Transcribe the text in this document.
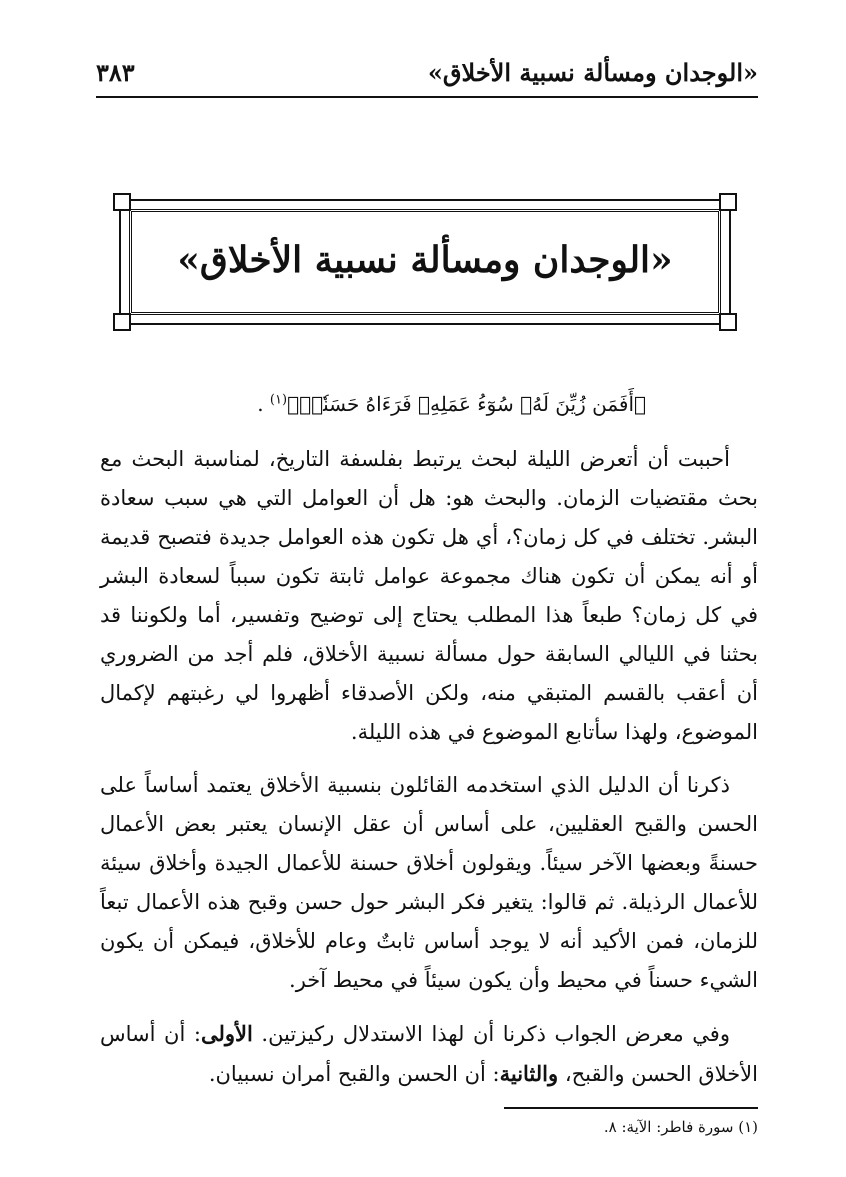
«الوجدان ومسألة نسبية الأخلاق»
٣٨٣
«الوجدان ومسألة نسبية الأخلاق»
﴿أَفَمَن زُيِّنَ لَهُۥ سُوٓءُ عَمَلِهِۦ فَرَءَاهُ حَسَنٗاۖ﴾$^{(١)}$ .

أحببت أن أتعرض الليلة لبحث يرتبط بفلسفة التاريخ، لمناسبة البحث مع بحث مقتضيات الزمان. والبحث هو: هل أن العوامل التي هي سبب سعادة البشر. تختلف في كل زمان؟، أي هل تكون هذه العوامل جديدة فتصبح قديمة أو أنه يمكن أن تكون هناك مجموعة عوامل ثابتة تكون سبباً لسعادة البشر في كل زمان؟ طبعاً هذا المطلب يحتاج إلى توضيح وتفسير، أما ولكوننا قد بحثنا في الليالي السابقة حول مسألة نسبية الأخلاق، فلم أجد من الضروري أن أعقب بالقسم المتبقي منه، ولكن الأصدقاء أظهروا لي رغبتهم لإكمال الموضوع، ولهذا سأتابع الموضوع في هذه الليلة.

ذكرنا أن الدليل الذي استخدمه القائلون بنسبية الأخلاق يعتمد أساساً على الحسن والقبح العقليين، على أساس أن عقل الإنسان يعتبر بعض الأعمال حسنةً وبعضها الآخر سيئاً. ويقولون أخلاق حسنة للأعمال الجيدة وأخلاق سيئة للأعمال الرذيلة. ثم قالوا: يتغير فكر البشر حول حسن وقبح هذه الأعمال تبعاً للزمان، فمن الأكيد أنه لا يوجد أساس ثابتٌ وعام للأخلاق، فيمكن أن يكون الشيء حسناً في محيط وأن يكون سيئاً في محيط آخر.

وفي معرض الجواب ذكرنا أن لهذا الاستدلال ركيزتين. الأولى: أن أساس الأخلاق الحسن والقبح، والثانية: أن الحسن والقبح أمران نسبيان.

(١) سورة فاطر: الآية: ٨.
